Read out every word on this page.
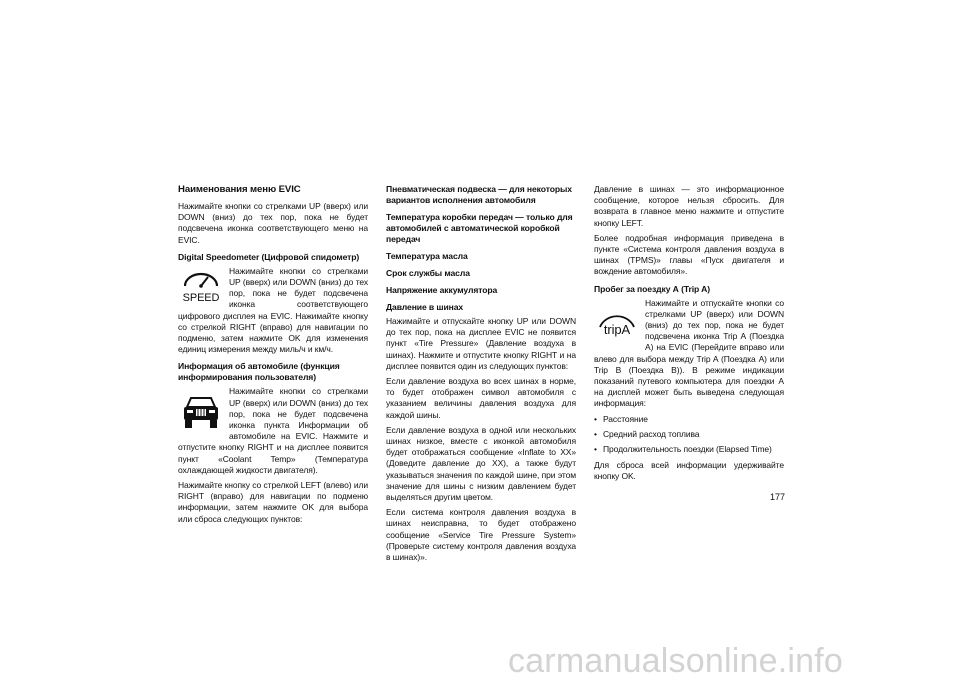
Наименования меню EVIC

Нажимайте кнопки со стрелками UP (вверх) или DOWN (вниз) до тех пор, пока не будет подсвечена иконка соответствующего меню на EVIC.

Digital Speedometer (Цифровой спидометр)
SPEED

Нажимайте кнопки со стрелками UP (вверх) или DOWN (вниз) до тех пор, пока не будет подсвечена иконка соответствующего цифрового дисплея на EVIC. Нажимайте кнопку со стрелкой RIGHT (вправо) для навигации по подменю, затем нажмите OK для изменения единиц измерения между миль/ч и км/ч.

Информация об автомобиле (функция информирования пользователя)

Нажимайте кнопки со стрелками UP (вверх) или DOWN (вниз) до тех пор, пока не будет подсвечена иконка пункта Информации об автомобиле на EVIC. Нажмите и отпустите кнопку RIGHT и на дисплее появится пункт «Coolant Temp» (Температура охлаждающей жидкости двигателя).

Нажимайте кнопку со стрелкой LEFT (влево) или RIGHT (вправо) для навигации по подменю информации, затем нажмите OK для выбора или сброса следующих пунктов:

Пневматическая подвеска — для некоторых вариантов исполнения автомобиля
Температура коробки передач — только для автомобилей с автоматической коробкой передач
Температура масла
Срок службы масла
Напряжение аккумулятора
Давление в шинах

Нажимайте и отпускайте кнопку UP или DOWN до тех пор, пока на дисплее EVIC не появится пункт «Tire Pressure» (Давление воздуха в шинах). Нажмите и отпустите кнопку RIGHT и на дисплее появится один из следующих пунктов:

Если давление воздуха во всех шинах в норме, то будет отображен символ автомобиля с указанием величины давления воздуха для каждой шины.

Если давление воздуха в одной или нескольких шинах низкое, вместе с иконкой автомобиля будет отображаться сообщение «Inflate to XX» (Доведите давление до XX), а также будут указываться значения по каждой шине, при этом значение для шины с низким давлением будет выделяться другим цветом.

Если система контроля давления воздуха в шинах неисправна, то будет отображено сообщение «Service Tire Pressure System» (Проверьте систему контроля давления воздуха в шинах)».

Давление в шинах — это информационное сообщение, которое нельзя сбросить. Для возврата в главное меню нажмите и отпустите кнопку LEFT.

Более подробная информация приведена в пункте «Система контроля давления воздуха в шинах (TPMS)» главы «Пуск двигателя и вождение автомобиля».

Пробег за поездку А (Trip A)
tripA

Нажимайте и отпускайте кнопки со стрелками UP (вверх) или DOWN (вниз) до тех пор, пока не будет подсвечена иконка Trip A (Поездка А) на EVIC (Перейдите вправо или влево для выбора между Trip A (Поездка А) или Trip B (Поездка В)). В режиме индикации показаний путевого компьютера для поездки А на дисплей может быть выведена следующая информация:

• Расстояние
• Средний расход топлива
• Продолжительность поездки (Elapsed Time)

Для сброса всей информации удерживайте кнопку OK.

177
carmanualsonline.info
